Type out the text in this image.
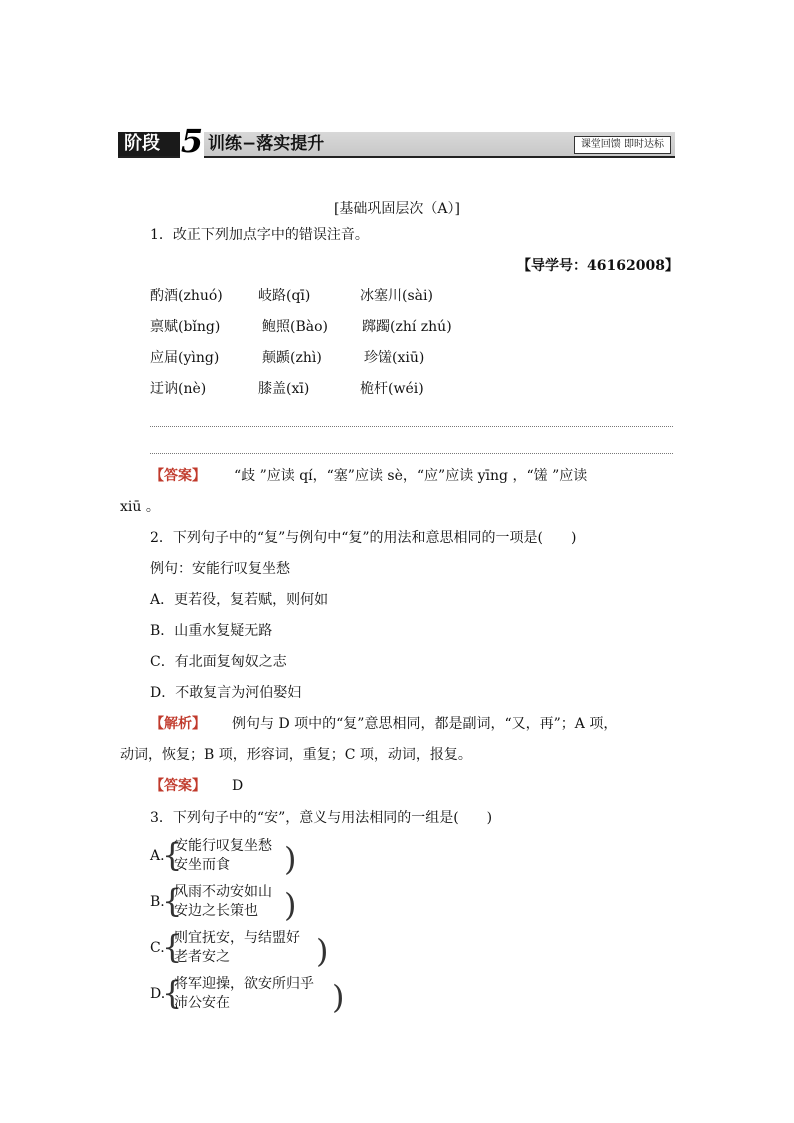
阶段 5 训练−落实提升	课堂回馈 即时达标
[基础巩固层次（A）]
1．改正下列加点字中的错误注音。
【导学号：46162008】
酌酒(zhuó)	岐路(qī)	冰塞川(sài)
禀赋(bǐng)	鲍照(Bào) 踯躅(zhí zhú)
应届(yìng)	颠踬(zhì)	珍馐(xiū)
迂讷(nè)	膝盖(xī)	桅杆(wéi)
【答案】 “歧 ”应读 qí，“塞”应读 sè，“应”应读 yīng ，“馐 ”应读
xiū 。
2．下列句子中的“复”与例句中“复”的用法和意思相同的一项是(　　)
例句：安能行叹复坐愁
A．更若役，复若赋，则何如
B．山重水复疑无路
C．有北面复匈奴之志
D．不敢复言为河伯娶妇
【解析】 例句与 D 项中的“复”意思相同，都是副词，“又，再”；A 项，
动词，恢复；B 项，形容词，重复；C 项，动词，报复。
【答案】 D
3．下列句子中的“安”，意义与用法相同的一组是(　　)
A.
{
安能行叹复坐愁
安坐而食 )
B.
{
风雨不动安如山
安边之长策也 )
C.
{
则宜抚安，与结盟好
老者安之	)
D.
{
将军迎操，欲安所归乎
沛公安在	)
